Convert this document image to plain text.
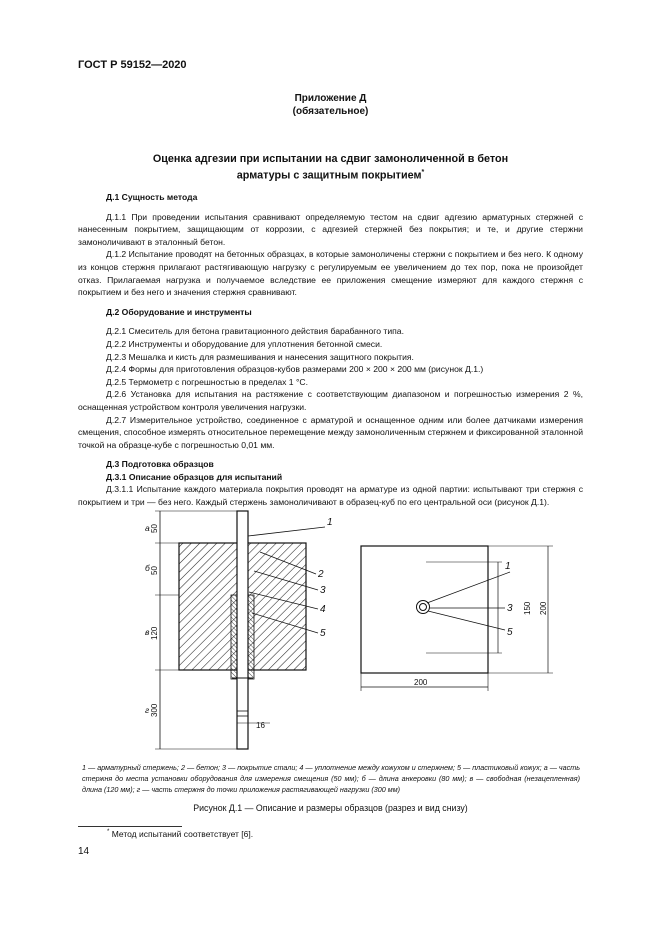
ГОСТ Р 59152—2020
Приложение Д
(обязательное)
Оценка адгезии при испытании на сдвиг замоноличенной в бетон
арматуры с защитным покрытием*

Д.1 Сущность метода

Д.1.1 При проведении испытания сравнивают определяемую тестом на сдвиг адгезию арматурных стержней с нанесенным покрытием, защищающим от коррозии, с адгезией стержней без покрытия; и те, и другие стержни замоноличивают в эталонный бетон.

Д.1.2 Испытание проводят на бетонных образцах, в которые замоноличены стержни с покрытием и без него. К одному из концов стержня прилагают растягивающую нагрузку с регулируемым ее увеличением до тех пор, пока не произойдет отказ. Прилагаемая нагрузка и получаемое вследствие ее приложения смещение измеряют для каждого стержня с покрытием и без него и значения стержня сравнивают.

Д.2 Оборудование и инструменты

Д.2.1 Смеситель для бетона гравитационного действия барабанного типа.

Д.2.2 Инструменты и оборудование для уплотнения бетонной смеси.

Д.2.3 Мешалка и кисть для размешивания и нанесения защитного покрытия.

Д.2.4 Формы для приготовления образцов-кубов размерами 200 × 200 × 200 мм (рисунок Д.1.)

Д.2.5 Термометр с погрешностью в пределах 1 °С.

Д.2.6 Установка для испытания на растяжение с соответствующим диапазоном и погрешностью измерения 2 %, оснащенная устройством контроля увеличения нагрузки.

Д.2.7 Измерительное устройство, соединенное с арматурой и оснащенное одним или более датчиками измерения смещения, способное измерять относительное перемещение между замоноличенным стержнем и фиксированной эталонной точкой на образце-кубе с погрешностью 0,01 мм.

Д.3 Подготовка образцов

Д.3.1 Описание образцов для испытаний

Д.3.1.1 Испытание каждого материала покрытия проводят на арматуре из одной партии: испытывают три стержня с покрытием и три — без него. Каждый стержень замоноличивают в образец-куб по его центральной оси (рисунок Д.1).

а
б
в
г
1
2
3
4
5
50
50
120
300
16
1
3
5
150 200
200
1 — арматурный стержень; 2 — бетон; 3 — покрытие стали; 4 — уплотнение между кожухом и стержнем; 5 — пластиковый кожух; а — часть стержня до места установки оборудования для измерения смещения (50 мм); б — длина анкеровки (80 мм); в — свободная (незацепленная) длина (120 мм); г — часть стержня до точки приложения растягивающей нагрузки (300 мм)
Рисунок Д.1 — Описание и размеры образцов (разрез и вид снизу)
* Метод испытаний соответствует [6].
14
